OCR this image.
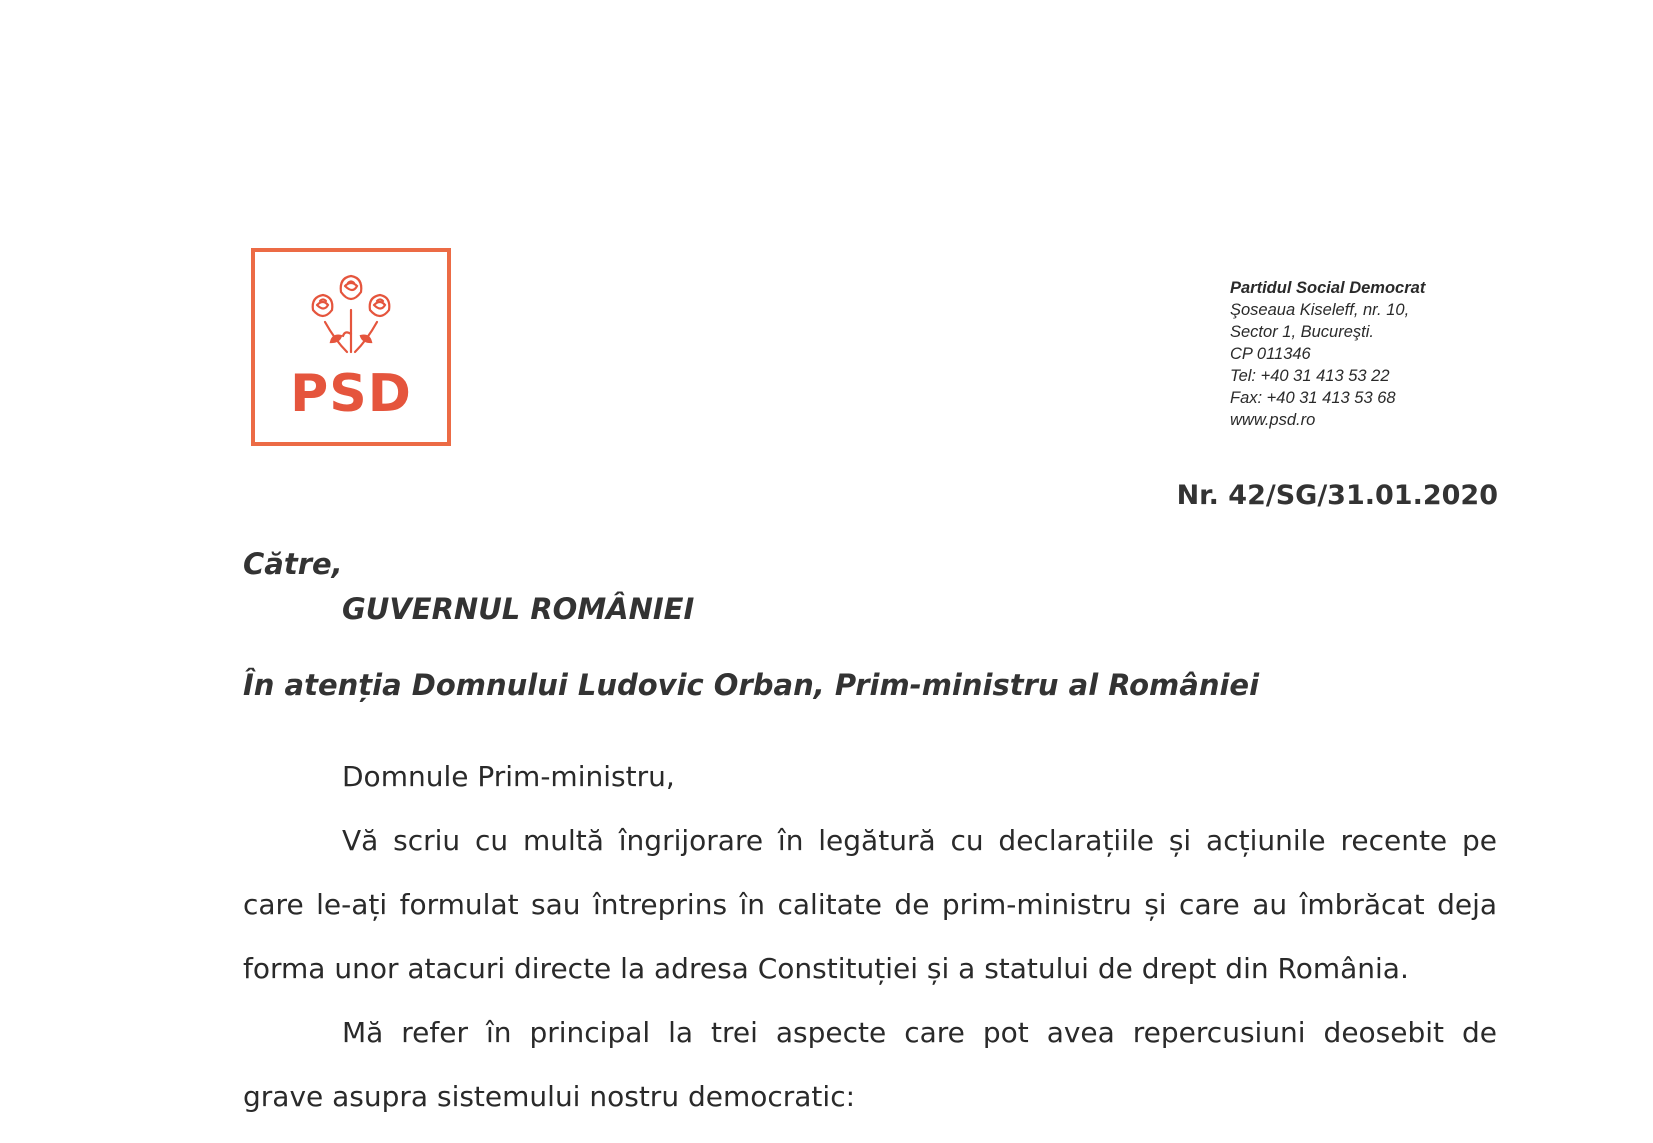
PSD
Partidul Social Democrat
Şoseaua Kiseleff, nr. 10,
Sector 1, Bucureşti.
CP 011346
Tel: +40 31 413 53 22
Fax: +40 31 413 53 68
www.psd.ro
Nr. 42/SG/31.01.2020
Către,
GUVERNUL ROMÂNIEI
În atenția Domnului Ludovic Orban, Prim-ministru al României
Domnule Prim-ministru,
Vă scriu cu multă îngrijorare în legătură cu declarațiile și acțiunile recente pe
care le-ați formulat sau întreprins în calitate de prim-ministru și care au îmbrăcat deja
forma unor atacuri directe la adresa Constituției și a statului de drept din România.
Mă refer în principal la trei aspecte care pot avea repercusiuni deosebit de
grave asupra sistemului nostru democratic:
